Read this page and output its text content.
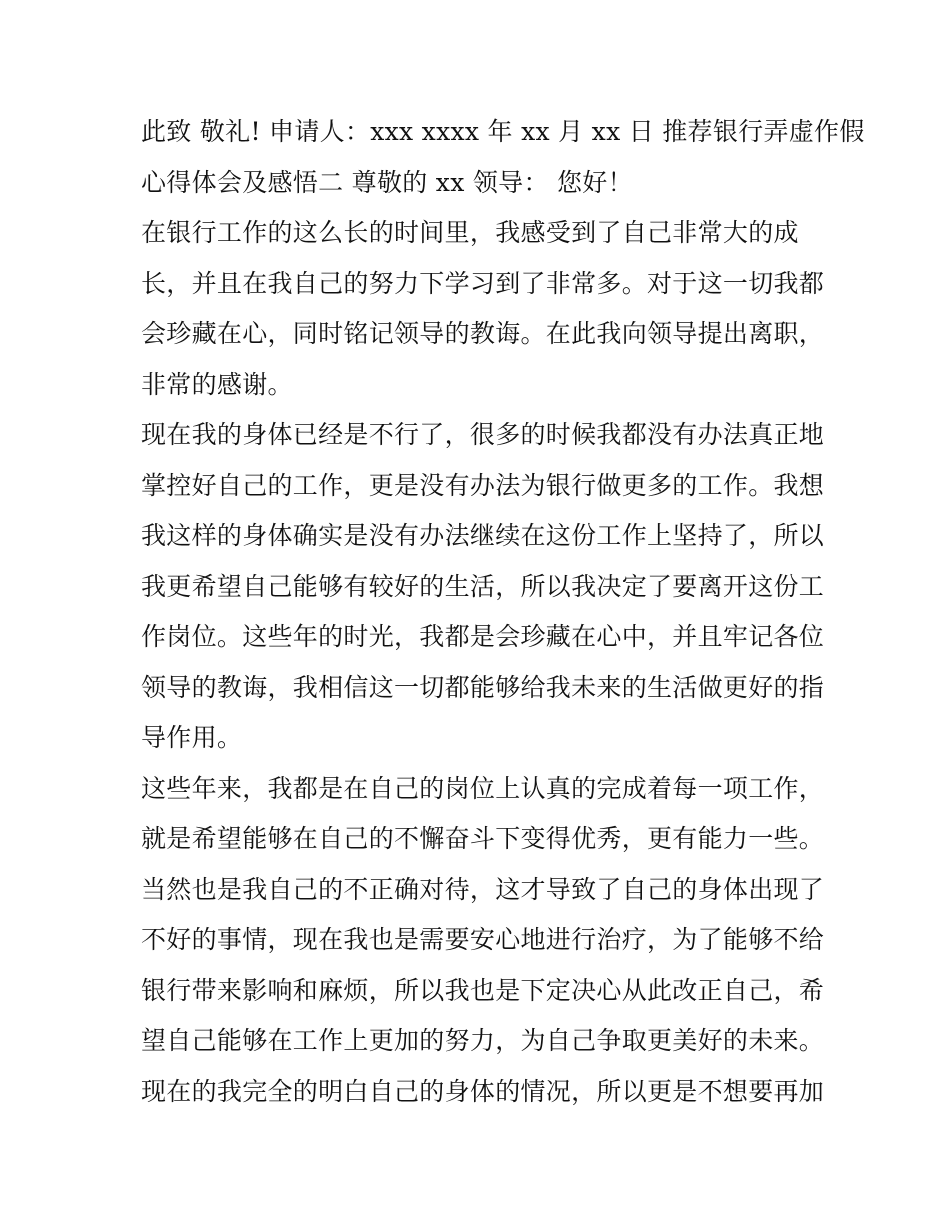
此致 敬礼! 申请人：xxx xxxx 年 xx 月 xx 日 推荐银行弄虚作假
心得体会及感悟二 尊敬的 xx 领导： 您好！
在银行工作的这么长的时间里，我感受到了自己非常大的成
长，并且在我自己的努力下学习到了非常多。对于这一切我都
会珍藏在心，同时铭记领导的教诲。在此我向领导提出离职，
非常的感谢。
现在我的身体已经是不行了，很多的时候我都没有办法真正地
掌控好自己的工作，更是没有办法为银行做更多的工作。我想
我这样的身体确实是没有办法继续在这份工作上坚持了，所以
我更希望自己能够有较好的生活，所以我决定了要离开这份工
作岗位。这些年的时光，我都是会珍藏在心中，并且牢记各位
领导的教诲，我相信这一切都能够给我未来的生活做更好的指
导作用。
这些年来，我都是在自己的岗位上认真的完成着每一项工作，
就是希望能够在自己的不懈奋斗下变得优秀，更有能力一些。
当然也是我自己的不正确对待，这才导致了自己的身体出现了
不好的事情，现在我也是需要安心地进行治疗，为了能够不给
银行带来影响和麻烦，所以我也是下定决心从此改正自己，希
望自己能够在工作上更加的努力，为自己争取更美好的未来。
现在的我完全的明白自己的身体的情况，所以更是不想要再加
